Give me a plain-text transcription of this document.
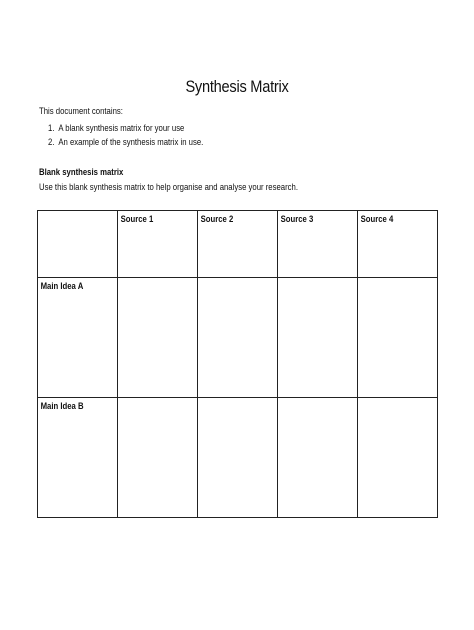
Synthesis Matrix
This document contains:
1. A blank synthesis matrix for your use
2. An example of the synthesis matrix in use.
Blank synthesis matrix
Use this blank synthesis matrix to help organise and analyse your research.

	Source 1	Source 2	Source 3	Source 4

Main Idea A				

Main Idea B				
